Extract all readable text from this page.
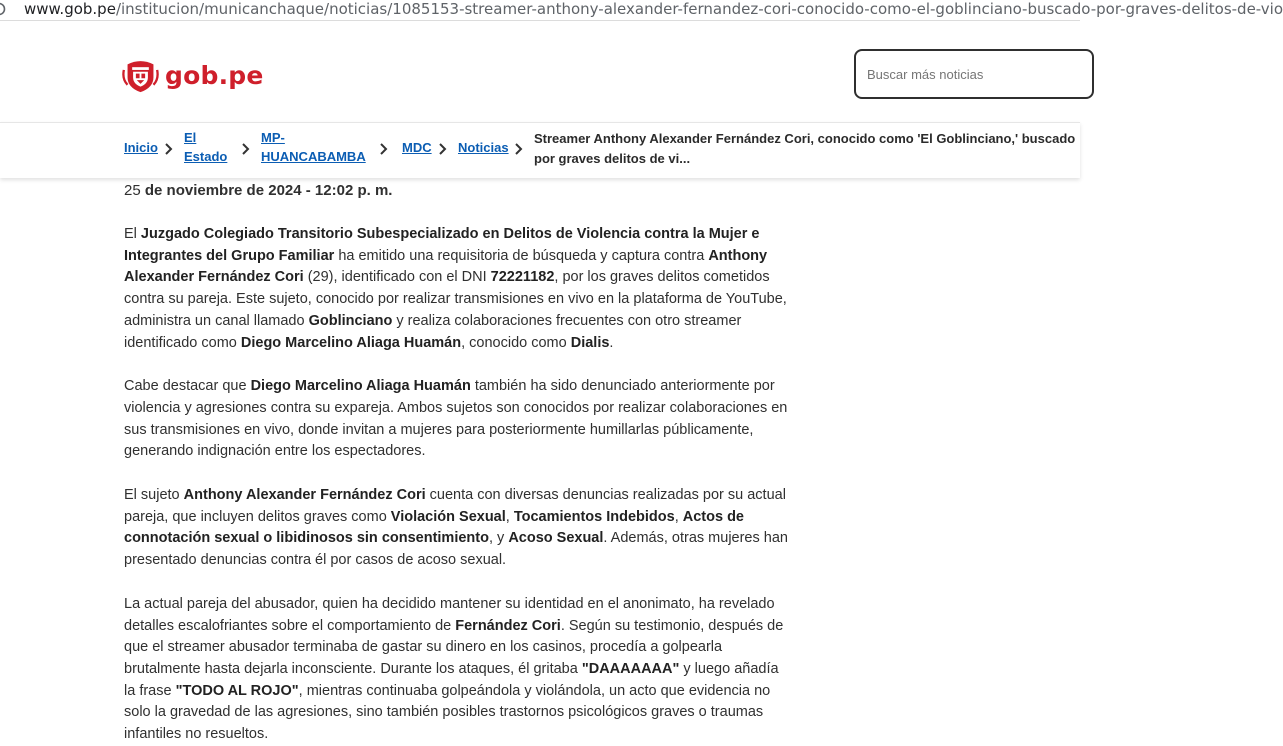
www.gob.pe/institucion/municanchaque/noticias/1085153-streamer-anthony-alexander-fernandez-cori-conocido-como-el-goblinciano-buscado-por-graves-delitos-de-vio
gob.pe
Buscar más noticias
Inicio
El
Estado
MP-
HUANCABAMBA
MDC Noticias
Streamer Anthony Alexander Fernández Cori, conocido como 'El Goblinciano,' buscado por graves delitos de vi...
25 de noviembre de 2024 - 12:02 p. m.

El Juzgado Colegiado Transitorio Subespecializado en Delitos de Violencia contra la Mujer e Integrantes del Grupo Familiar ha emitido una requisitoria de búsqueda y captura contra Anthony Alexander Fernández Cori (29), identificado con el DNI 72221182, por los graves delitos cometidos contra su pareja. Este sujeto, conocido por realizar transmisiones en vivo en la plataforma de YouTube, administra un canal llamado Goblinciano y realiza colaboraciones frecuentes con otro streamer identificado como Diego Marcelino Aliaga Huamán, conocido como Dialis.

Cabe destacar que Diego Marcelino Aliaga Huamán también ha sido denunciado anteriormente por violencia y agresiones contra su expareja. Ambos sujetos son conocidos por realizar colaboraciones en sus transmisiones en vivo, donde invitan a mujeres para posteriormente humillarlas públicamente, generando indignación entre los espectadores.

El sujeto Anthony Alexander Fernández Cori cuenta con diversas denuncias realizadas por su actual pareja, que incluyen delitos graves como Violación Sexual, Tocamientos Indebidos, Actos de connotación sexual o libidinosos sin consentimiento, y Acoso Sexual. Además, otras mujeres han presentado denuncias contra él por casos de acoso sexual.

La actual pareja del abusador, quien ha decidido mantener su identidad en el anonimato, ha revelado detalles escalofriantes sobre el comportamiento de Fernández Cori. Según su testimonio, después de que el streamer abusador terminaba de gastar su dinero en los casinos, procedía a golpearla brutalmente hasta dejarla inconsciente. Durante los ataques, él gritaba "DAAAAAAA" y luego añadía la frase "TODO AL ROJO", mientras continuaba golpeándola y violándola, un acto que evidencia no solo la gravedad de las agresiones, sino también posibles trastornos psicológicos graves o traumas infantiles no resueltos.
